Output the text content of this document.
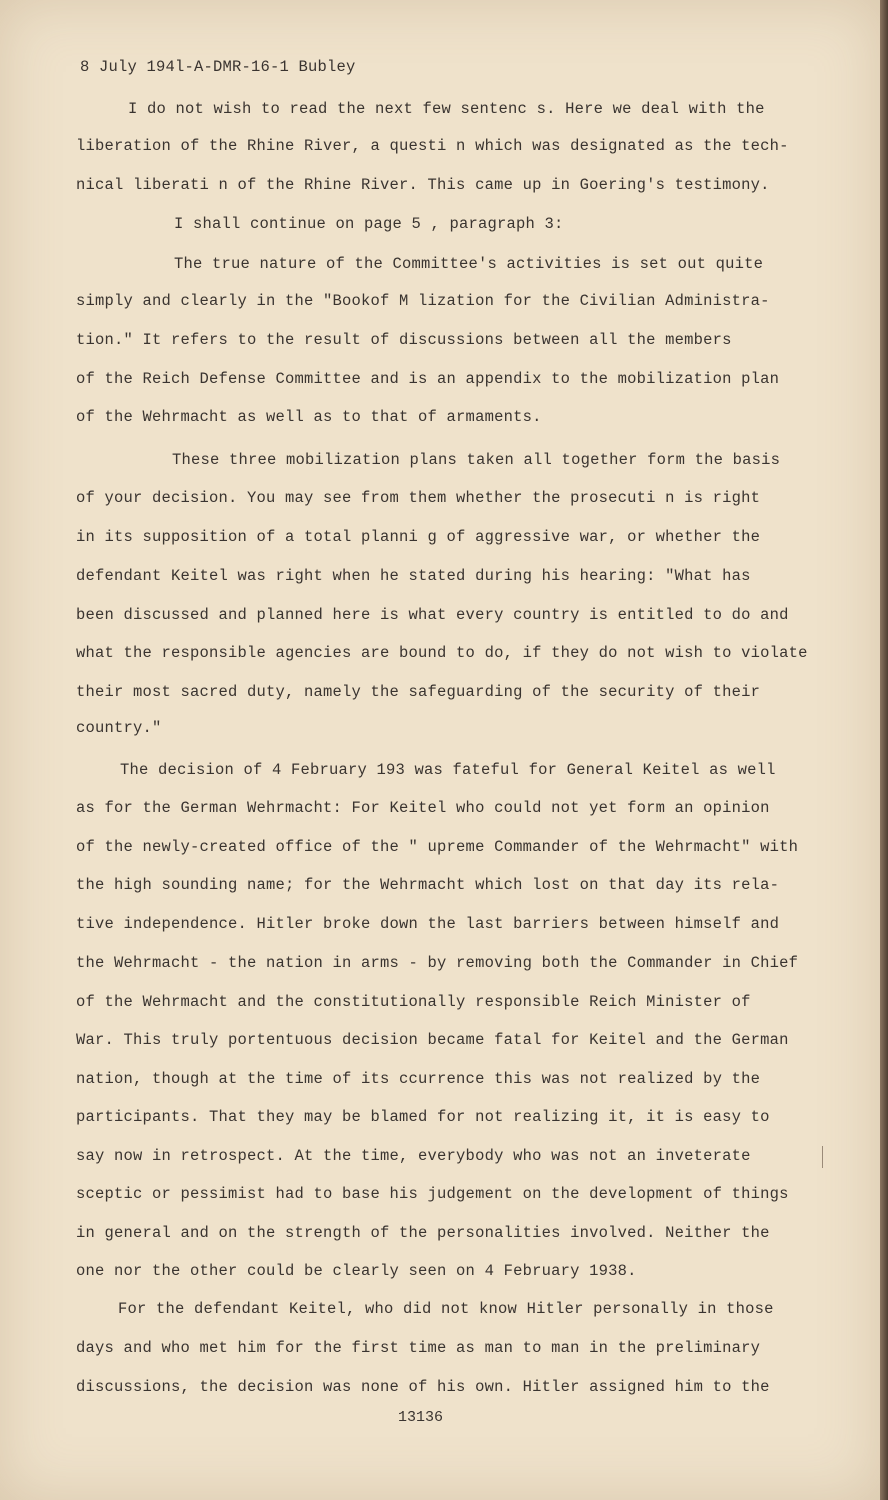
8 July 194Ɩ-A-DMR-16-1 Bubley
I do not wish to read the next few sentenc s. Here we deal with the
liberation of the Rhine River, a questi n which was designated as the tech-
nical liberati n of the Rhine River. This came up in Goering's testimony.
I shall continue on page 5 , paragraph 3:
The true nature of the Committee's activities is set out quite
simply and clearly in the "Bookof M lization for the Civilian Administra-
tion." It refers to the result of discussions between all the members
of the Reich Defense Committee and is an appendix to the mobilization plan
of the Wehrmacht as well as to that of armaments.
These three mobilization plans taken all together form the basis
of your decision. You may see from them whether the prosecuti n is right
in its supposition of a total planni g of aggressive war, or whether the
defendant Keitel was right when he stated during his hearing: "What has
been discussed and planned here is what every country is entitled to do and
what the responsible agencies are bound to do, if they do not wish to violate
their most sacred duty, namely the safeguarding of the security of their
country."
The decision of 4 February 193 was fateful for General Keitel as well
as for the German Wehrmacht: For Keitel who could not yet form an opinion
of the newly-created office of the " upreme Commander of the Wehrmacht" with
the high sounding name; for the Wehrmacht which lost on that day its rela-
tive independence. Hitler broke down the last barriers between himself and
the Wehrmacht - the nation in arms - by removing both the Commander in Chief
of the Wehrmacht and the constitutionally responsible Reich Minister of
War. This truly portentuous decision became fatal for Keitel and the German
nation, though at the time of its ccurrence this was not realized by the
participants. That they may be blamed for not realizing it, it is easy to
say now in retrospect. At the time, everybody who was not an inveterate
sceptic or pessimist had to base his judgement on the development of things
in general and on the strength of the personalities involved. Neither the
one nor the other could be clearly seen on 4 February 1938.
For the defendant Keitel, who did not know Hitler personally in those
days and who met him for the first time as man to man in the preliminary
discussions, the decision was none of his own. Hitler assigned him to the
13136
